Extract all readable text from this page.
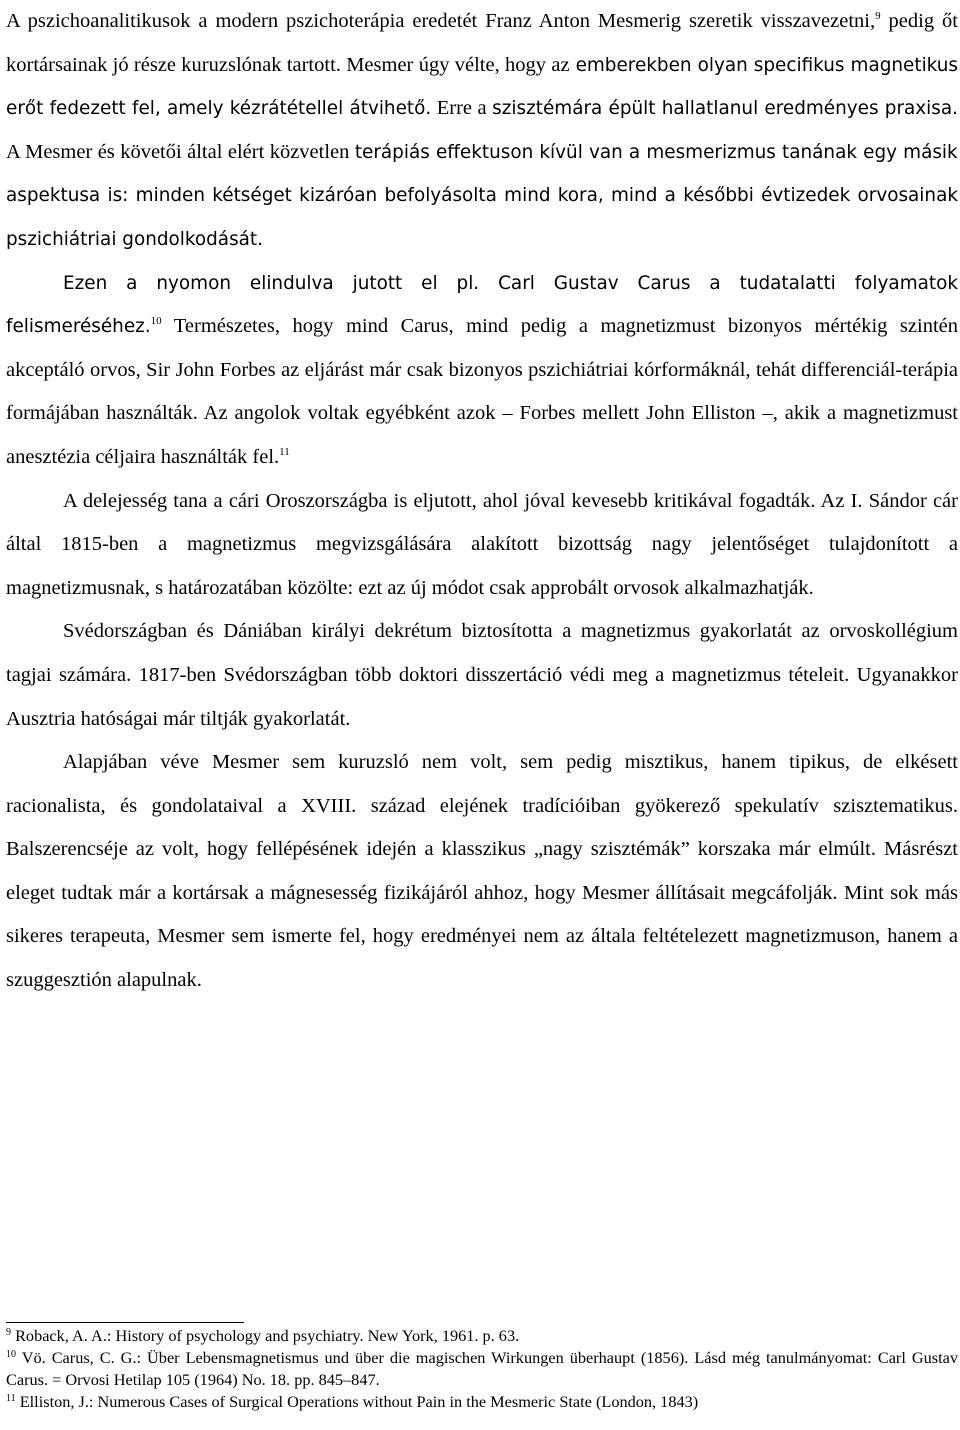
A pszichoanalitikusok a modern pszichoterápia eredetét Franz Anton Mesmerig szeretik visszavezetni,$^9$ pedig őt kortársainak jó része kuruzslónak tartott. Mesmer úgy vélte, hogy az emberekben olyan specifikus magnetikus erőt fedezett fel, amely kézrátétellel átvihető. Erre a szisztémára épült hallatlanul eredményes praxisa. A Mesmer és követői által elért közvetlen terápiás effektuson kívül van a mesmerizmus tanának egy másik aspektusa is: minden kétséget kizáróan befolyásolta mind kora, mind a későbbi évtizedek orvosainak pszichiátriai gondolkodását.

Ezen a nyomon elindulva jutott el pl. Carl Gustav Carus a tudatalatti folyamatok felismeréséhez.$^{10}$ Természetes, hogy mind Carus, mind pedig a magnetizmust bizonyos mértékig szintén akceptáló orvos, Sir John Forbes az eljárást már csak bizonyos pszichiátriai kórformáknál, tehát differenciál-terápia formájában használták. Az angolok voltak egyébként azok – Forbes mellett John Elliston –, akik a magnetizmust anesztézia céljaira használták fel.$^{11}$

A delejesség tana a cári Oroszországba is eljutott, ahol jóval kevesebb kritikával fogadták. Az I. Sándor cár által 1815-ben a magnetizmus megvizsgálására alakított bizottság nagy jelentőséget tulajdonított a magnetizmusnak, s határozatában közölte: ezt az új módot csak approbált orvosok alkalmazhatják.

Svédországban és Dániában királyi dekrétum biztosította a magnetizmus gyakorlatát az orvoskollégium tagjai számára. 1817-ben Svédországban több doktori disszertáció védi meg a magnetizmus tételeit. Ugyanakkor Ausztria hatóságai már tiltják gyakorlatát.

Alapjában véve Mesmer sem kuruzsló nem volt, sem pedig misztikus, hanem tipikus, de elkésett racionalista, és gondolataival a XVIII. század elejének tradícióiban gyökerező spekulatív szisztematikus. Balszerencséje az volt, hogy fellépésének idején a klasszikus „nagy szisztémák” korszaka már elmúlt. Másrészt eleget tudtak már a kortársak a mágnesesség fizikájáról ahhoz, hogy Mesmer állításait megcáfolják. Mint sok más sikeres terapeuta, Mesmer sem ismerte fel, hogy eredményei nem az általa feltételezett magnetizmuson, hanem a szuggesztión alapulnak.

$^9$ Roback, A. A.: History of psychology and psychiatry. New York, 1961. p. 63.

$^{10}$ Vö. Carus, C. G.: Über Lebensmagnetismus und über die magischen Wirkungen überhaupt (1856). Lásd még tanulmányomat: Carl Gustav Carus. = Orvosi Hetilap 105 (1964) No. 18. pp. 845–847.

$^{11}$ Elliston, J.: Numerous Cases of Surgical Operations without Pain in the Mesmeric State (London, 1843)
